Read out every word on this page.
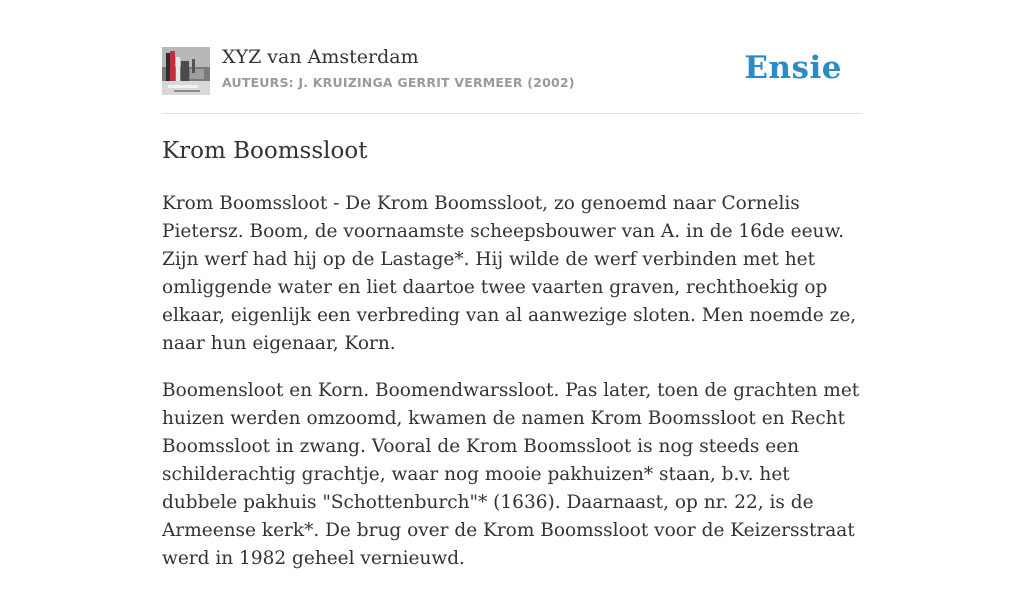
XYZ van Amsterdam
AUTEURS: J. KRUIZINGA GERRIT VERMEER (2002)	Ensie
Krom Boomssloot

Krom Boomssloot - De Krom Boomssloot, zo genoemd naar Cornelis Pietersz. Boom, de voornaamste scheepsbouwer van A. in de 16de eeuw. Zijn werf had hij op de Lastage*. Hij wilde de werf verbinden met het omliggende water en liet daartoe twee vaarten graven, rechthoekig op elkaar, eigenlijk een verbreding van al aanwezige sloten. Men noemde ze, naar hun eigenaar, Korn.

Boomensloot en Korn. Boomendwarssloot. Pas later, toen de grachten met huizen werden omzoomd, kwamen de namen Krom Boomssloot en Recht Boomssloot in zwang. Vooral de Krom Boomssloot is nog steeds een schilderachtig grachtje, waar nog mooie pakhuizen* staan, b.v. het dubbele pakhuis "Schottenburch"* (1636). Daarnaast, op nr. 22, is de Armeense kerk*. De brug over de Krom Boomssloot voor de Keizersstraat werd in 1982 geheel vernieuwd.
